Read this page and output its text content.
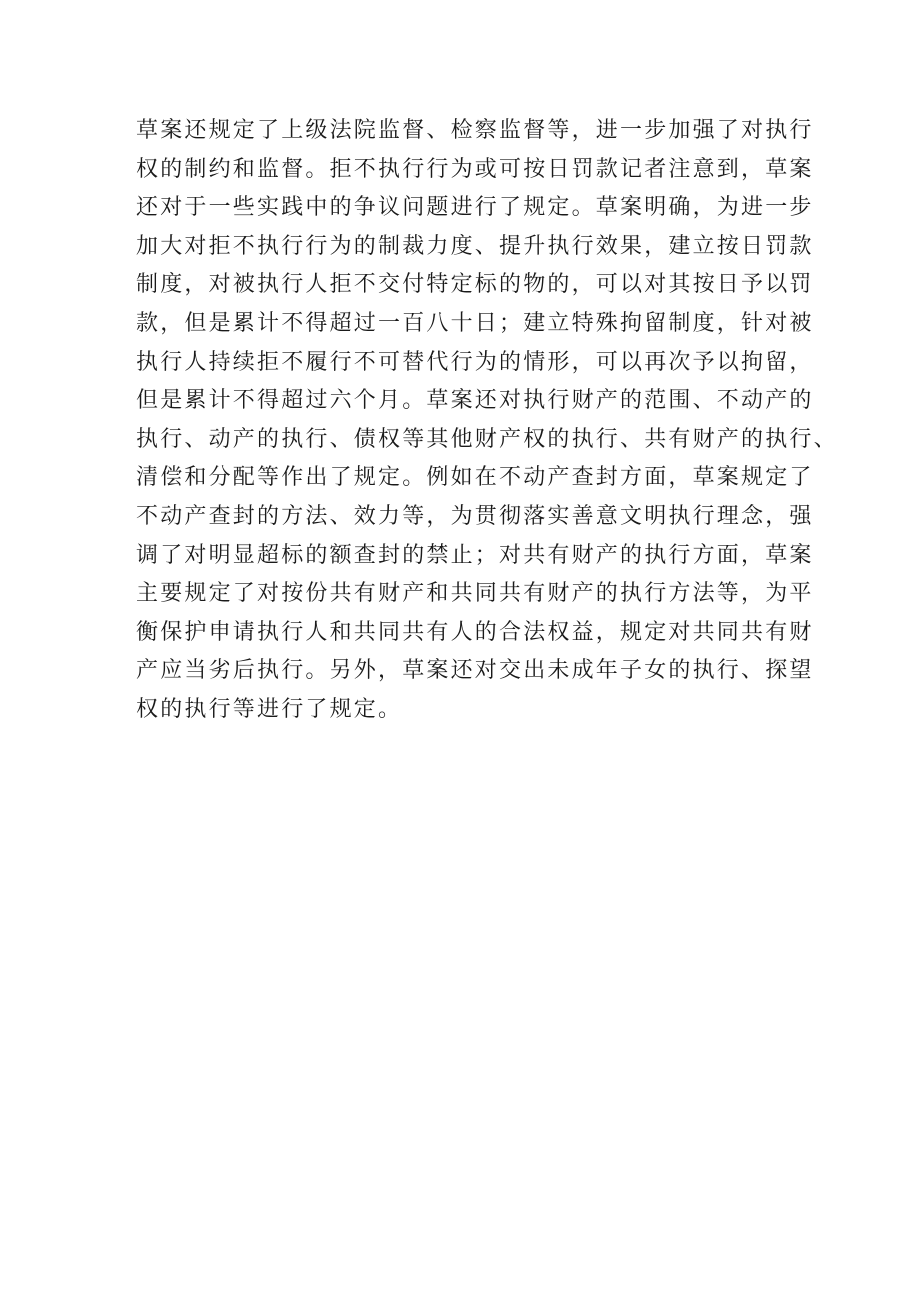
草案还规定了上级法院监督、检察监督等，进一步加强了对执行
权的制约和监督。拒不执行行为或可按日罚款记者注意到，草案
还对于一些实践中的争议问题进行了规定。草案明确，为进一步
加大对拒不执行行为的制裁力度、提升执行效果，建立按日罚款
制度，对被执行人拒不交付特定标的物的，可以对其按日予以罚
款，但是累计不得超过一百八十日；建立特殊拘留制度，针对被
执行人持续拒不履行不可替代行为的情形，可以再次予以拘留，
但是累计不得超过六个月。草案还对执行财产的范围、不动产的
执行、动产的执行、债权等其他财产权的执行、共有财产的执行、
清偿和分配等作出了规定。例如在不动产查封方面，草案规定了
不动产查封的方法、效力等，为贯彻落实善意文明执行理念，强
调了对明显超标的额查封的禁止；对共有财产的执行方面，草案
主要规定了对按份共有财产和共同共有财产的执行方法等，为平
衡保护申请执行人和共同共有人的合法权益，规定对共同共有财
产应当劣后执行。另外，草案还对交出未成年子女的执行、探望
权的执行等进行了规定。
